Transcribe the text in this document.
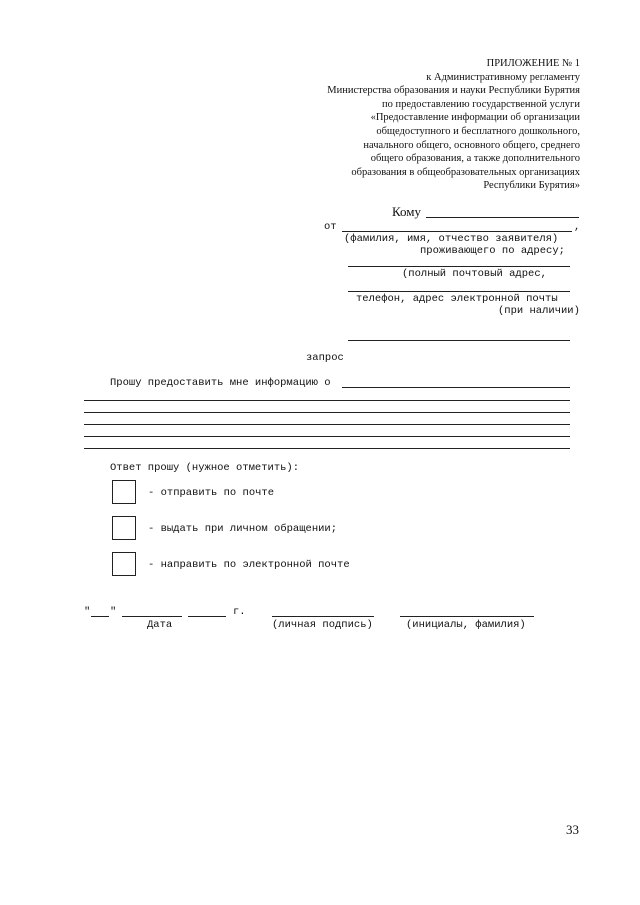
ПРИЛОЖЕНИЕ № 1
к Административному регламенту
Министерства образования и науки Республики Бурятия
по предоставлению государственной услуги
«Предоставление информации об организации
общедоступного и бесплатного дошкольного,
начального общего, основного общего, среднего
общего образования, а также дополнительного
образования в общеобразовательных организациях
Республики Бурятия»
Кому
от	,
(фамилия, имя, отчество заявителя)
проживающего по адресу;
(полный почтовый адрес,
телефон, адрес электронной почты
(при наличии)
запрос
Прошу предоставить мне информацию о
Ответ прошу (нужное отметить):
- отправить по почте
- выдать при личном обращении;
- направить по электронной почте
" "	г.
Дата	(личная подпись)	(инициалы, фамилия)
33
